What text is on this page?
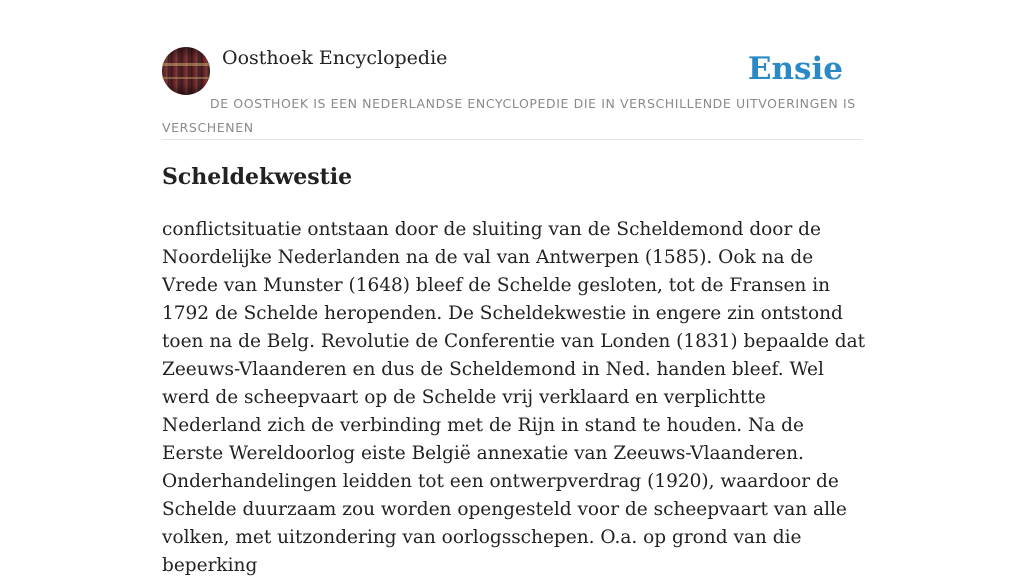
Oosthoek Encyclopedie	Ensie
DE OOSTHOEK IS EEN NEDERLANDSE ENCYCLOPEDIE DIE IN VERSCHILLENDE UITVOERINGEN IS VERSCHENEN
Scheldekwestie

conflictsituatie ontstaan door de sluiting van de Scheldemond door de Noordelijke Nederlanden na de val van Antwerpen (1585). Ook na de Vrede van Munster (1648) bleef de Schelde gesloten, tot de Fransen in 1792 de Schelde heropenden. De Scheldekwestie in engere zin ontstond toen na de Belg. Revolutie de Conferentie van Londen (1831) bepaalde dat Zeeuws-Vlaanderen en dus de Scheldemond in Ned. handen bleef. Wel werd de scheepvaart op de Schelde vrij verklaard en verplichtte Nederland zich de verbinding met de Rijn in stand te houden. Na de Eerste Wereldoorlog eiste België annexatie van Zeeuws-Vlaanderen. Onderhandelingen leidden tot een ontwerpverdrag (1920), waardoor de Schelde duurzaam zou worden opengesteld voor de scheepvaart van alle volken, met uitzondering van oorlogsschepen. O.a. op grond van die beperking
